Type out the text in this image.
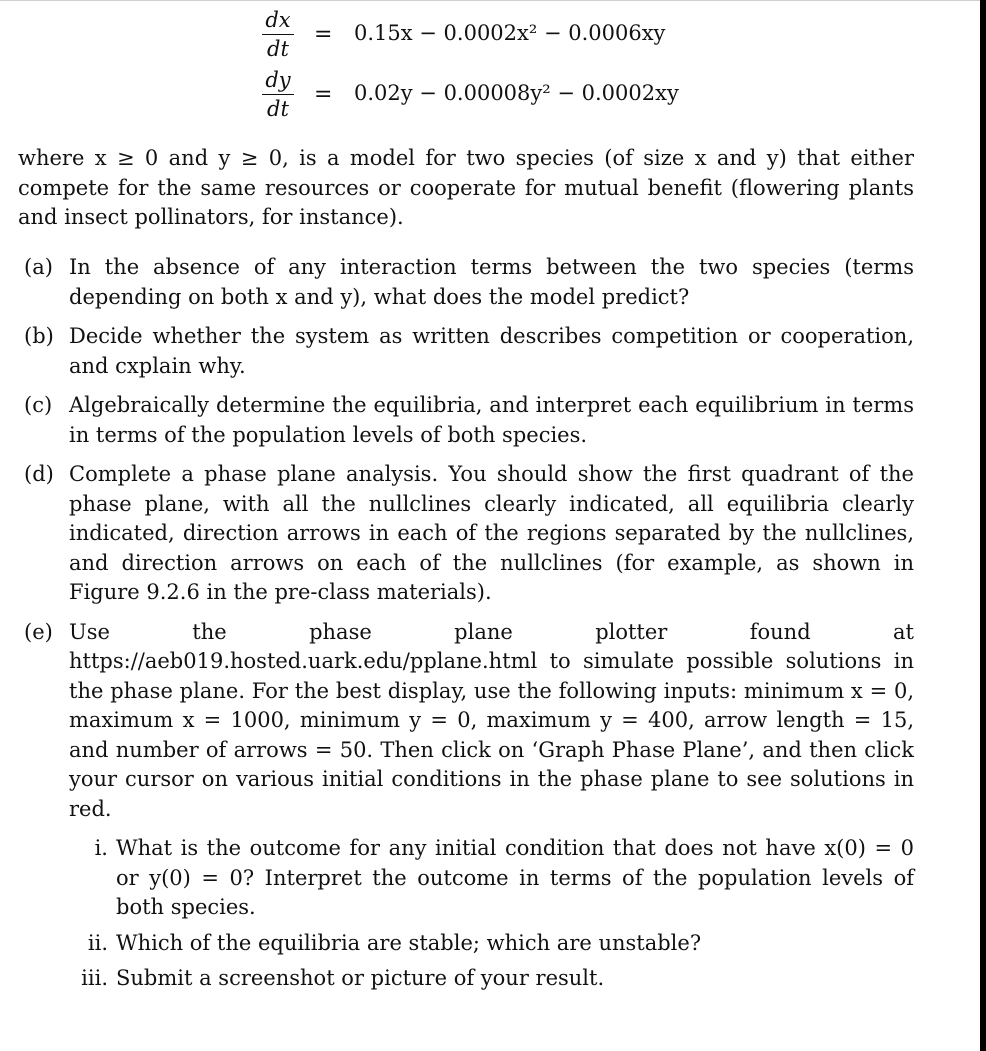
dx
dt
= 0.15x − 0.0002x² − 0.0006xy
dy
dt
= 0.02y − 0.00008y² − 0.0002xy
where x ≥ 0 and y ≥ 0, is a model for two species (of size x and y) that either compete for the same resources or cooperate for mutual benefit (flowering plants and insect pollinators, for instance).
(a) In the absence of any interaction terms between the two species (terms depending on both x and y), what does the model predict?
(b) Decide whether the system as written describes competition or cooperation, and cxplain why.
(c) Algebraically determine the equilibria, and interpret each equilibrium in terms in terms of the population levels of both species.
(d) Complete a phase plane analysis. You should show the first quadrant of the phase plane, with all the nullclines clearly indicated, all equilibria clearly indicated, direction arrows in each of the regions separated by the nullclines, and direction arrows on each of the nullclines (for example, as shown in Figure 9.2.6 in the pre-class materials).
(e) Use the phase plane plotter found at https://aeb019.hosted.uark.edu/pplane.html to simulate possible solutions in the phase plane. For the best display, use the following inputs: minimum x = 0, maximum x = 1000, minimum y = 0, maximum y = 400, arrow length = 15, and number of arrows = 50. Then click on ‘Graph Phase Plane’, and then click your cursor on various initial conditions in the phase plane to see solutions in red.
i. What is the outcome for any initial condition that does not have x(0) = 0 or y(0) = 0? Interpret the outcome in terms of the population levels of both species.
ii. Which of the equilibria are stable; which are unstable?
iii. Submit a screenshot or picture of your result.
